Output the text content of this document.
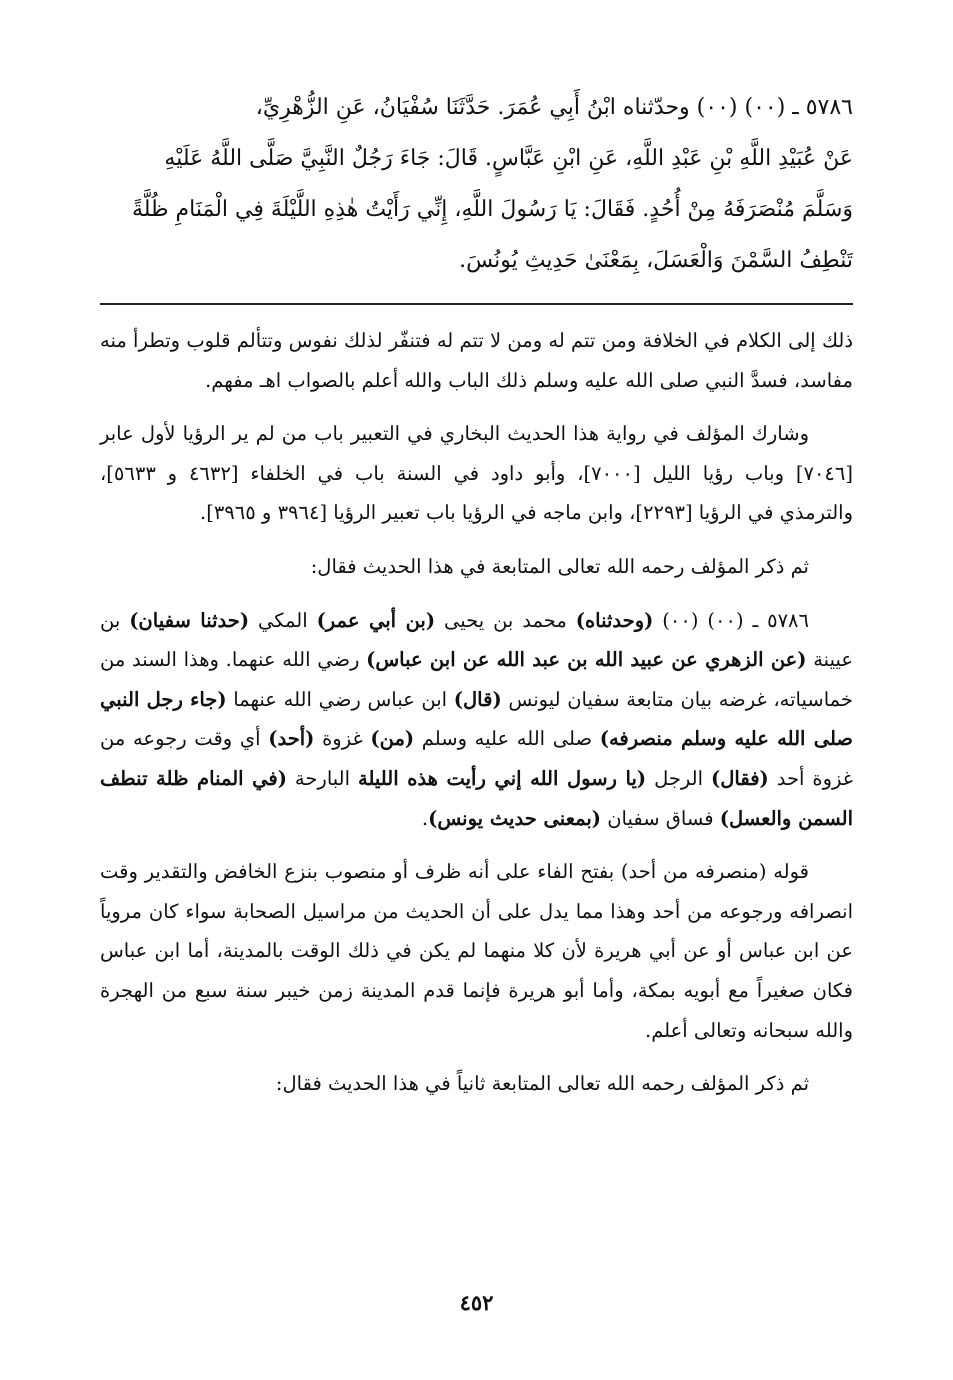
٥٧٨٦ ـ (٠٠) (٠٠) وحدّثناه ابْنُ أَبِي عُمَرَ. حَدَّثَنَا سُفْيَانُ، عَنِ الزُّهْرِيِّ،
عَنْ عُبَيْدِ اللَّهِ بْنِ عَبْدِ اللَّهِ، عَنِ ابْنِ عَبَّاسٍ. قَالَ: جَاءَ رَجُلٌ النَّبِيَّ صَلَّى اللَّهُ عَلَيْهِ
وَسَلَّمَ مُنْصَرَفَهُ مِنْ أُحُدٍ. فَقَالَ: يَا رَسُولَ اللَّهِ، إِنِّي رَأَيْتُ هٰذِهِ اللَّيْلَةَ فِي الْمَنَامِ ظُلَّةً
تَنْطِفُ السَّمْنَ وَالْعَسَلَ، بِمَعْنَىٰ حَدِيثِ يُونُسَ.

ذلك إلى الكلام في الخلافة ومن تتم له ومن لا تتم له فتنفّر لذلك نفوس وتتألم قلوب وتطرأ منه مفاسد، فسدَّ النبي صلى الله عليه وسلم ذلك الباب والله أعلم بالصواب اهـ مفهم.

وشارك المؤلف في رواية هذا الحديث البخاري في التعبير باب من لم ير الرؤيا لأول عابر [٧٠٤٦] وباب رؤيا الليل [٧٠٠٠]، وأبو داود في السنة باب في الخلفاء [٤٦٣٢ و ٥٦٣٣]، والترمذي في الرؤيا [٢٢٩٣]، وابن ماجه في الرؤيا باب تعبير الرؤيا [٣٩٦٤ و ٣٩٦٥].

ثم ذكر المؤلف رحمه الله تعالى المتابعة في هذا الحديث فقال:

٥٧٨٦ ـ (٠٠) (٠٠) (وحدثناه) محمد بن يحيى (بن أبي عمر) المكي (حدثنا سفيان) بن عيينة (عن الزهري عن عبيد الله بن عبد الله عن ابن عباس) رضي الله عنهما. وهذا السند من خماسياته، غرضه بيان متابعة سفيان ليونس (قال) ابن عباس رضي الله عنهما (جاء رجل النبي صلى الله عليه وسلم منصرفه) صلى الله عليه وسلم (من) غزوة (أحد) أي وقت رجوعه من غزوة أحد (فقال) الرجل (يا رسول الله إني رأيت هذه الليلة البارحة (في المنام ظلة تنطف السمن والعسل) فساق سفيان (بمعنى حديث يونس).

قوله (منصرفه من أحد) بفتح الفاء على أنه ظرف أو منصوب بنزع الخافض والتقدير وقت انصرافه ورجوعه من أحد وهذا مما يدل على أن الحديث من مراسيل الصحابة سواء كان مروياً عن ابن عباس أو عن أبي هريرة لأن كلا منهما لم يكن في ذلك الوقت بالمدينة، أما ابن عباس فكان صغيراً مع أبويه بمكة، وأما أبو هريرة فإنما قدم المدينة زمن خيبر سنة سبع من الهجرة والله سبحانه وتعالى أعلم.

ثم ذكر المؤلف رحمه الله تعالى المتابعة ثانياً في هذا الحديث فقال:

٤٥٢
